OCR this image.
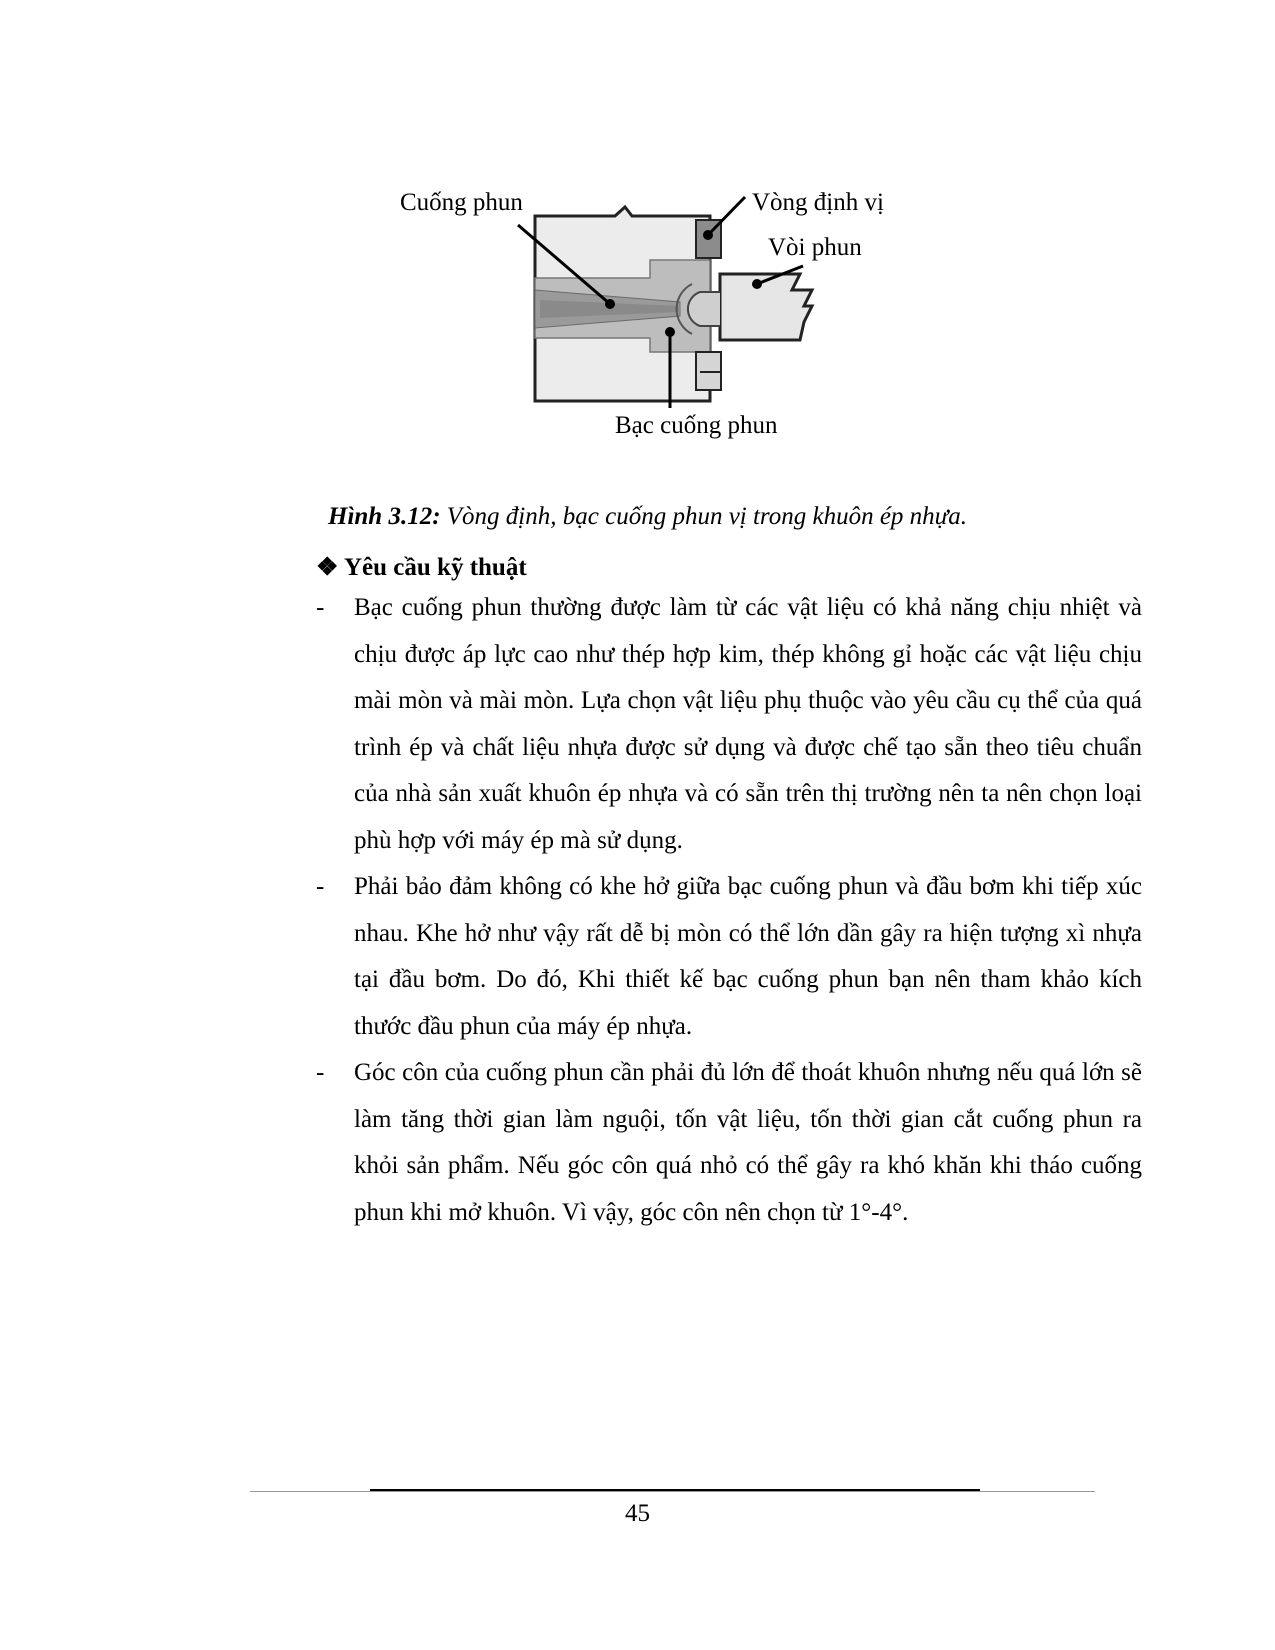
Cuống phun	Vòng định vị
Vòi phun
Bạc cuống phun
Hình 3.12: Vòng định, bạc cuống phun vị trong khuôn ép nhựa.
❖ Yêu cầu kỹ thuật
- Bạc cuống phun thường được làm từ các vật liệu có khả năng chịu nhiệt và chịu được áp lực cao như thép hợp kim, thép không gỉ hoặc các vật liệu chịu mài mòn và mài mòn. Lựa chọn vật liệu phụ thuộc vào yêu cầu cụ thể của quá trình ép và chất liệu nhựa được sử dụng và được chế tạo sẵn theo tiêu chuẩn của nhà sản xuất khuôn ép nhựa và có sẵn trên thị trường nên ta nên chọn loại phù hợp với máy ép mà sử dụng.
- Phải bảo đảm không có khe hở giữa bạc cuống phun và đầu bơm khi tiếp xúc nhau. Khe hở như vậy rất dễ bị mòn có thể lớn dần gây ra hiện tượng xì nhựa tại đầu bơm. Do đó, Khi thiết kế bạc cuống phun bạn nên tham khảo kích thước đầu phun của máy ép nhựa.
- Góc côn của cuống phun cần phải đủ lớn để thoát khuôn nhưng nếu quá lớn sẽ làm tăng thời gian làm nguội, tốn vật liệu, tốn thời gian cắt cuống phun ra khỏi sản phẩm. Nếu góc côn quá nhỏ có thể gây ra khó khăn khi tháo cuống phun khi mở khuôn. Vì vậy, góc côn nên chọn từ 1°-4°.
45
